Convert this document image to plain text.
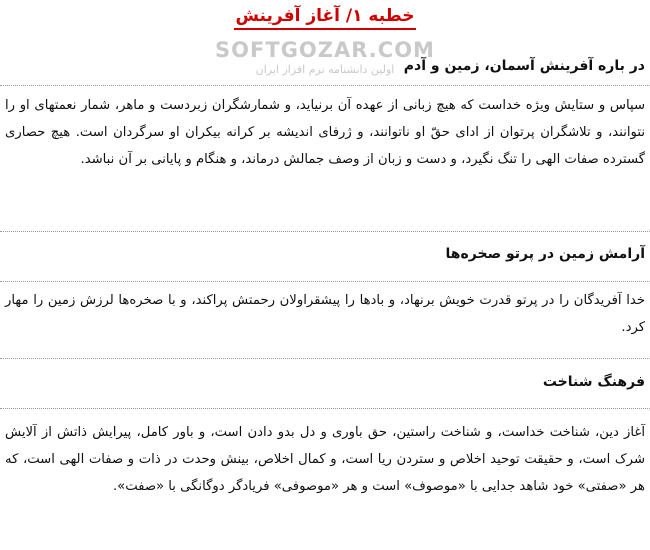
خطبه ۱/ آغاز آفرینش
SOFTGOZAR.COM
اولین دانشنامه نرم افزار ایران در باره آفرینش آسمان، زمین و آدم
سپاس و ستایش ویژه خداست که هیچ زبانی از عهده آن برنیاید، و شمارشگران زبردست و ماهر، شمار نعمتهای او را نتوانند، و تلاشگران پرتوان از ادای حقّ او ناتوانند، و ژرفای اندیشه بر کرانه بیکران او سرگردان است. هیچ حصاری گسترده صفات الهی را تنگ نگیرد، و دست و زبان از وصف جمالش درماند، و هنگام و پایانی بر آن نباشد.
آرامش زمین در پرتو صخره‌ها
خدا آفریدگان را در پرتو قدرت خویش برنهاد، و بادها را پیشقراولان رحمتش پراکند، و با صخره‌ها لرزش زمین را مهار کرد.
فرهنگ شناخت
آغاز دین، شناخت خداست، و شناخت راستین، حق باوری و دل بدو دادن است، و باور کامل، پیرایش ذاتش از آلایش شرک است، و حقیقت توحید اخلاص و ستردن ریا است، و کمال اخلاص، بینش وحدت در ذات و صفات الهی است، که هر «صفتی» خود شاهد جدایی با «موصوف» است و هر «موصوفی» فریادگر دوگانگی با «صفت».
